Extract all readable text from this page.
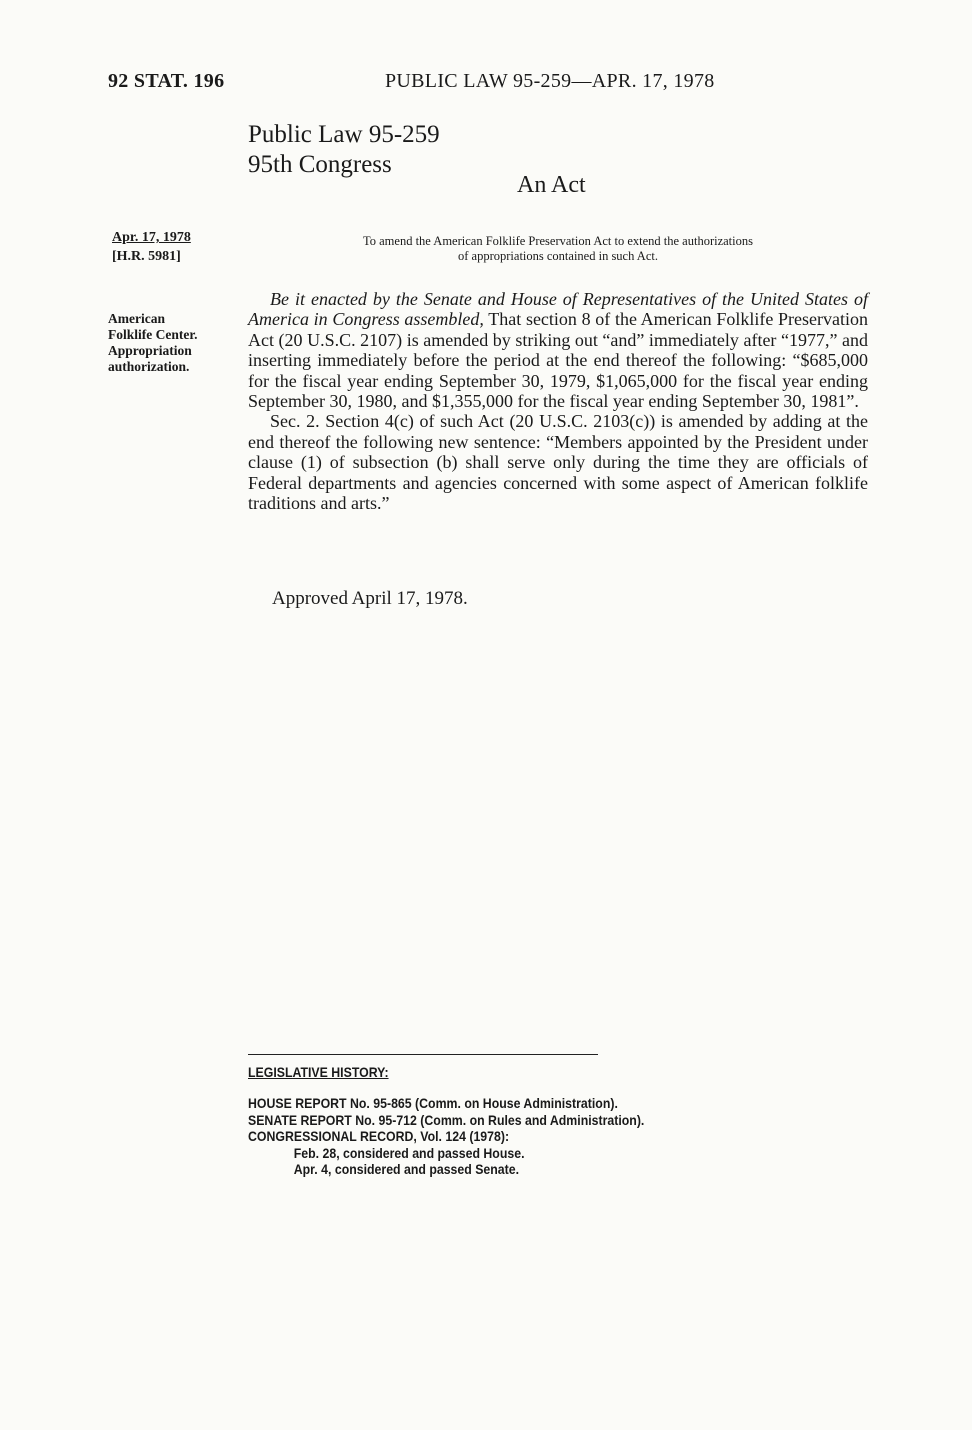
92 STAT. 196	PUBLIC LAW 95-259—APR. 17, 1978
Public Law 95-259
95th Congress
An Act
Apr. 17, 1978
[H.R. 5981]
To amend the American Folklife Preservation Act to extend the authorizations
of appropriations contained in such Act.
American
Folklife Center.
Appropriation
authorization.

Be it enacted by the Senate and House of Representatives of the United States of America in Congress assembled, That section 8 of the American Folklife Preservation Act (20 U.S.C. 2107) is amended by striking out “and” immediately after “1977,” and inserting immediately before the period at the end thereof the following: “$685,000 for the fiscal year ending September 30, 1979, $1,065,000 for the fiscal year ending September 30, 1980, and $1,355,000 for the fiscal year ending September 30, 1981”.

Sec. 2. Section 4(c) of such Act (20 U.S.C. 2103(c)) is amended by adding at the end thereof the following new sentence: “Members appointed by the President under clause (1) of subsection (b) shall serve only during the time they are officials of Federal departments and agencies concerned with some aspect of American folklife traditions and arts.”

Approved April 17, 1978.
LEGISLATIVE HISTORY:
HOUSE REPORT No. 95-865 (Comm. on House Administration).
SENATE REPORT No. 95-712 (Comm. on Rules and Administration).
CONGRESSIONAL RECORD, Vol. 124 (1978):
Feb. 28, considered and passed House.
Apr. 4, considered and passed Senate.
